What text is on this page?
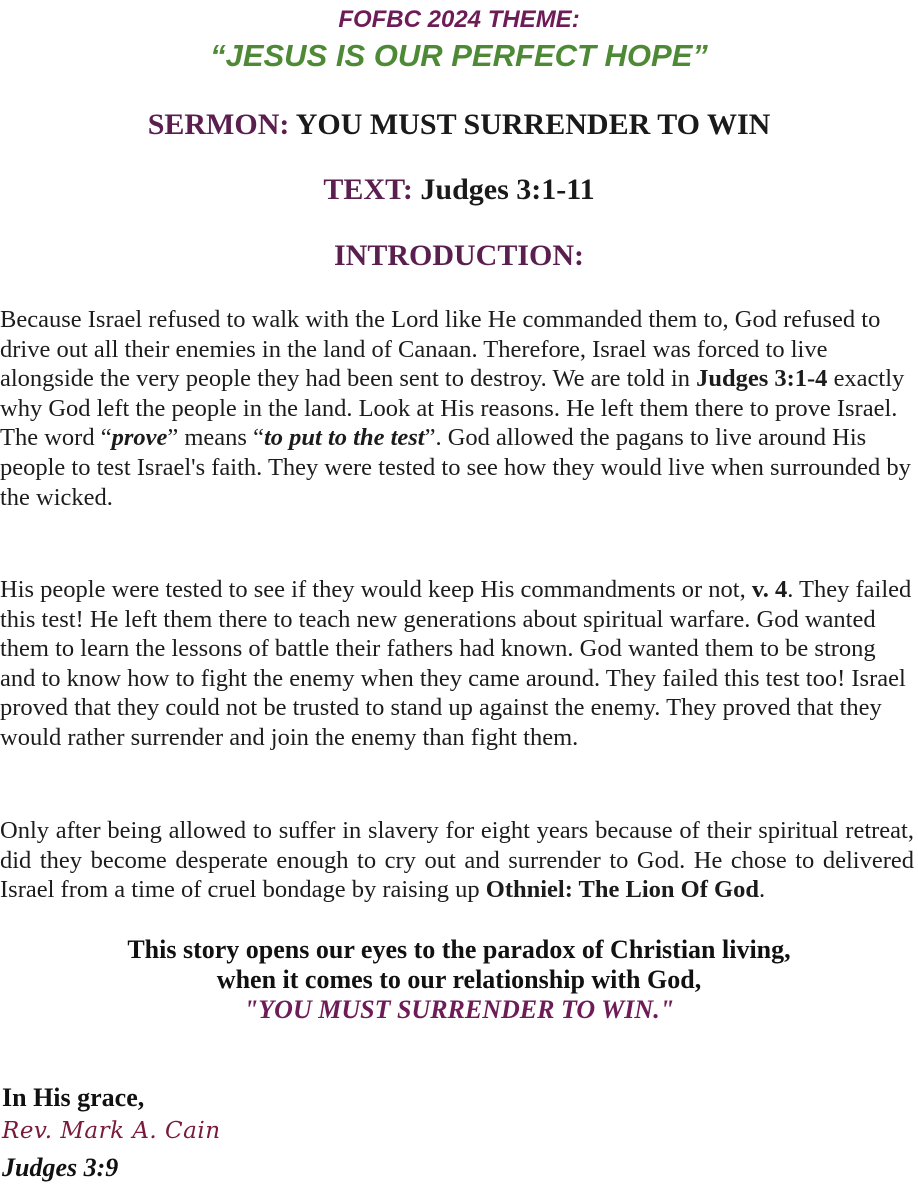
FOFBC 2024 THEME:
“JESUS IS OUR PERFECT HOPE”
SERMON: YOU MUST SURRENDER TO WIN
TEXT: Judges 3:1-11
INTRODUCTION:

Because Israel refused to walk with the Lord like He commanded them to, God refused to drive out all their enemies in the land of Canaan. Therefore, Israel was forced to live alongside the very people they had been sent to destroy. We are told in Judges 3:1-4 exactly why God left the people in the land. Look at His reasons. He left them there to prove Israel. The word “prove” means “to put to the test”. God allowed the pagans to live around His people to test Israel's faith. They were tested to see how they would live when surrounded by the wicked.

His people were tested to see if they would keep His commandments or not, v. 4. They failed this test! He left them there to teach new generations about spiritual warfare. God wanted them to learn the lessons of battle their fathers had known. God wanted them to be strong and to know how to fight the enemy when they came around. They failed this test too! Israel proved that they could not be trusted to stand up against the enemy. They proved that they would rather surrender and join the enemy than fight them.

Only after being allowed to suffer in slavery for eight years because of their spiritual retreat, did they become desperate enough to cry out and surrender to God. He chose to delivered Israel from a time of cruel bondage by raising up Othniel: The Lion Of God.

This story opens our eyes to the paradox of Christian living,
when it comes to our relationship with God,
"YOU MUST SURRENDER TO WIN."
In His grace,
Rev. Mark A. Cain
Judges 3:9
